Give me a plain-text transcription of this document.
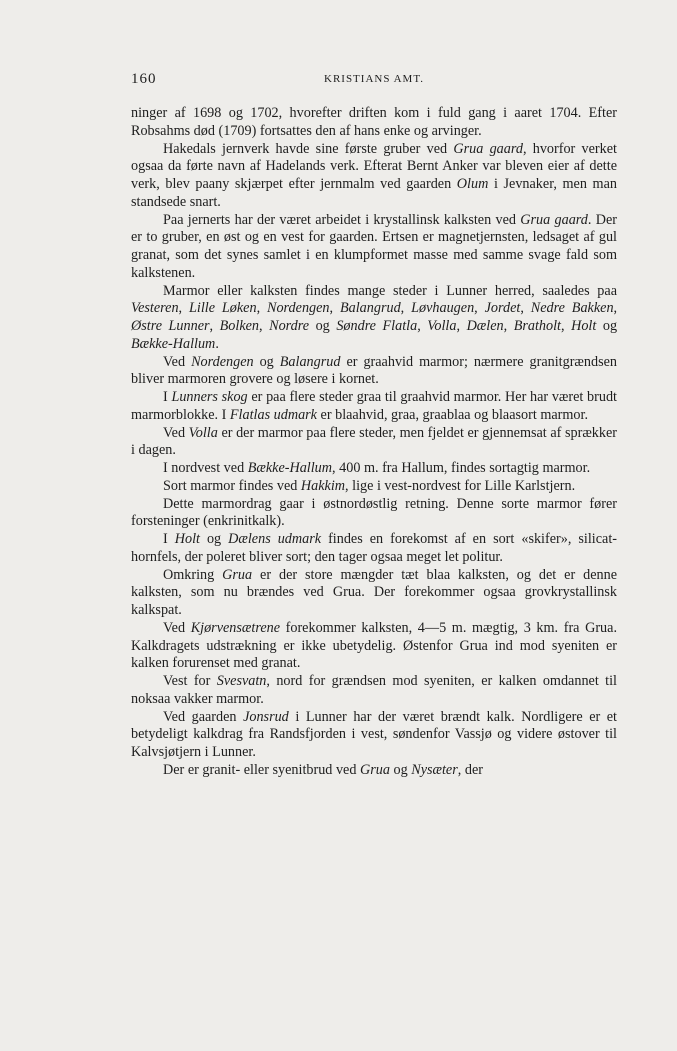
160	KRISTIANS AMT.

ninger af 1698 og 1702, hvorefter driften kom i fuld gang i aaret 1704. Efter Robsahms død (1709) fortsattes den af hans enke og arvinger.

Hakedals jernverk havde sine første gruber ved Grua gaard, hvorfor verket ogsaa da førte navn af Hadelands verk. Efterat Bernt Anker var bleven eier af dette verk, blev paany skjærpet efter jernmalm ved gaarden Olum i Jevnaker, men man standsede snart.

Paa jernerts har der været arbeidet i krystallinsk kalksten ved Grua gaard. Der er to gruber, en øst og en vest for gaarden. Ertsen er magnetjernsten, ledsaget af gul granat, som det synes samlet i en klumpformet masse med samme svage fald som kalkstenen.

Marmor eller kalksten findes mange steder i Lunner herred, saaledes paa Vesteren, Lille Løken, Nordengen, Balangrud, Løvhaugen, Jordet, Nedre Bakken, Østre Lunner, Bolken, Nordre og Søndre Flatla, Volla, Dælen, Bratholt, Holt og Bække-Hallum.

Ved Nordengen og Balangrud er graahvid marmor; nærmere granitgrændsen bliver marmoren grovere og løsere i kornet.

I Lunners skog er paa flere steder graa til graahvid marmor. Her har været brudt marmorblokke. I Flatlas udmark er blaahvid, graa, graablaa og blaasort marmor.

Ved Volla er der marmor paa flere steder, men fjeldet er gjennemsat af sprækker i dagen.

I nordvest ved Bække-Hallum, 400 m. fra Hallum, findes sortagtig marmor.

Sort marmor findes ved Hakkim, lige i vest-nordvest for Lille Karlstjern.

Dette marmordrag gaar i østnordøstlig retning. Denne sorte marmor fører forsteninger (enkrinitkalk).

I Holt og Dælens udmark findes en forekomst af en sort «skifer», silicat-hornfels, der poleret bliver sort; den tager ogsaa meget let politur.

Omkring Grua er der store mængder tæt blaa kalksten, og det er denne kalksten, som nu brændes ved Grua. Der forekommer ogsaa grovkrystallinsk kalkspat.

Ved Kjørvensætrene forekommer kalksten, 4—5 m. mægtig, 3 km. fra Grua. Kalkdragets udstrækning er ikke ubetydelig. Østenfor Grua ind mod syeniten er kalken forurenset med granat.

Vest for Svesvatn, nord for grændsen mod syeniten, er kalken omdannet til noksaa vakker marmor.

Ved gaarden Jonsrud i Lunner har der været brændt kalk. Nordligere er et betydeligt kalkdrag fra Randsfjorden i vest, søndenfor Vassjø og videre østover til Kalvsjøtjern i Lunner.

Der er granit- eller syenitbrud ved Grua og Nysæter, der
